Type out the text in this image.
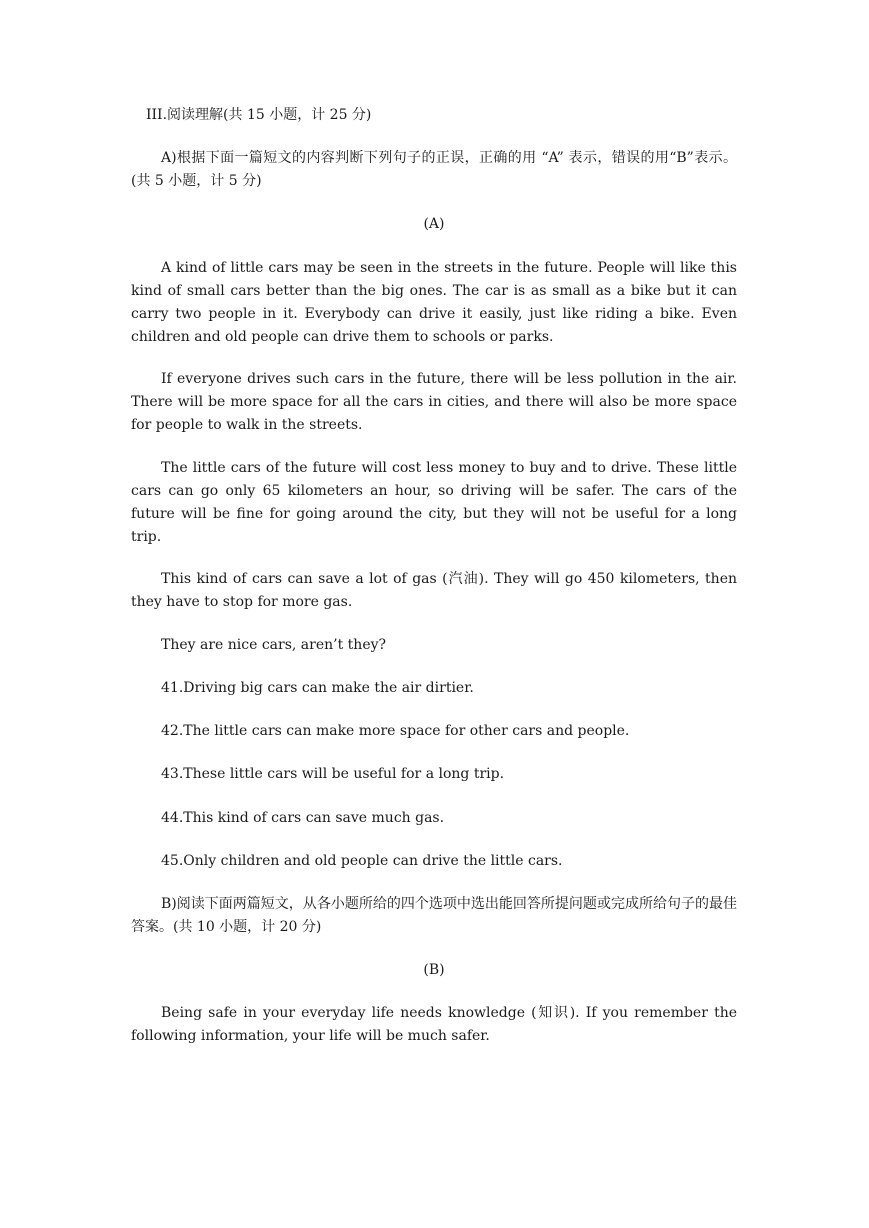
III.阅读理解(共 15 小题，计 25 分)
A)根据下面一篇短文的内容判断下列句子的正误，正确的用 “A” 表示，错误的用“B”表示。(共 5 小题，计 5 分)
(A)
A kind of little cars may be seen in the streets in the future. People will like this kind of small cars better than the big ones. The car is as small as a bike but it can carry two people in it. Everybody can drive it easily, just like riding a bike. Even children and old people can drive them to schools or parks.
If everyone drives such cars in the future, there will be less pollution in the air. There will be more space for all the cars in cities, and there will also be more space for people to walk in the streets.
The little cars of the future will cost less money to buy and to drive. These little cars can go only 65 kilometers an hour, so driving will be safer. The cars of the future will be fine for going around the city, but they will not be useful for a long trip.
This kind of cars can save a lot of gas (汽油). They will go 450 kilometers, then they have to stop for more gas.
They are nice cars, aren’t they?
41.Driving big cars can make the air dirtier.
42.The little cars can make more space for other cars and people.
43.These little cars will be useful for a long trip.
44.This kind of cars can save much gas.
45.Only children and old people can drive the little cars.
B)阅读下面两篇短文，从各小题所给的四个选项中选出能回答所提问题或完成所给句子的最佳答案。(共 10 小题，计 20 分)
(B)
Being safe in your everyday life needs knowledge (知识). If you remember the following information, your life will be much safer.
